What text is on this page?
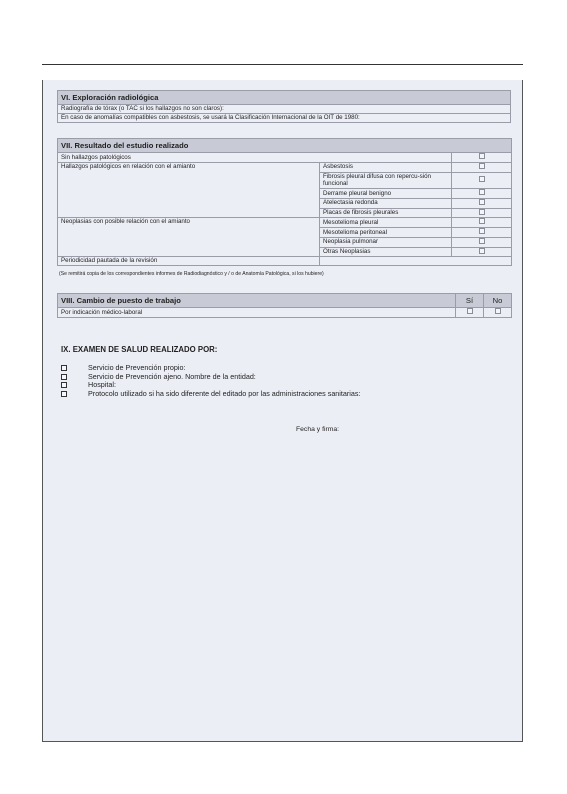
VI. Exploración radiológica
Radiografía de tórax (o TAC si los hallazgos no son claros):
En caso de anomalías compatibles con asbestosis, se usará la Clasificación Internacional de la OIT de 1980:
VII. Resultado del estudio realizado		
Sin hallazgos patológicos		
Hallazgos patológicos en relación con el amianto	Asbestosis	
	Fibrosis pleural difusa con repercu-sión funcional	
	Derrame pleural benigno	
	Atelectasia redonda	
	Placas de fibrosis pleurales	
Neoplasias con posible relación con el amianto	Mesotelioma pleural	
	Mesotelioma peritoneal	
	Neoplasia pulmonar	
	Otras Neoplasias	
Periodicidad pautada de la revisión		
(Se remitirá copia de los correspondientes informes de Radiodiagnóstico y / o de Anatomía Patológica, si los hubiere)
VIII. Cambio de puesto de trabajo	Sí	No
Por indicación médico-laboral		
IX. EXAMEN DE SALUD REALIZADO POR:
Servicio de Prevención propio:
Servicio de Prevención ajeno. Nombre de la entidad:
Hospital:
Protocolo utilizado si ha sido diferente del editado por las administraciones sanitarias:
Fecha y firma:
